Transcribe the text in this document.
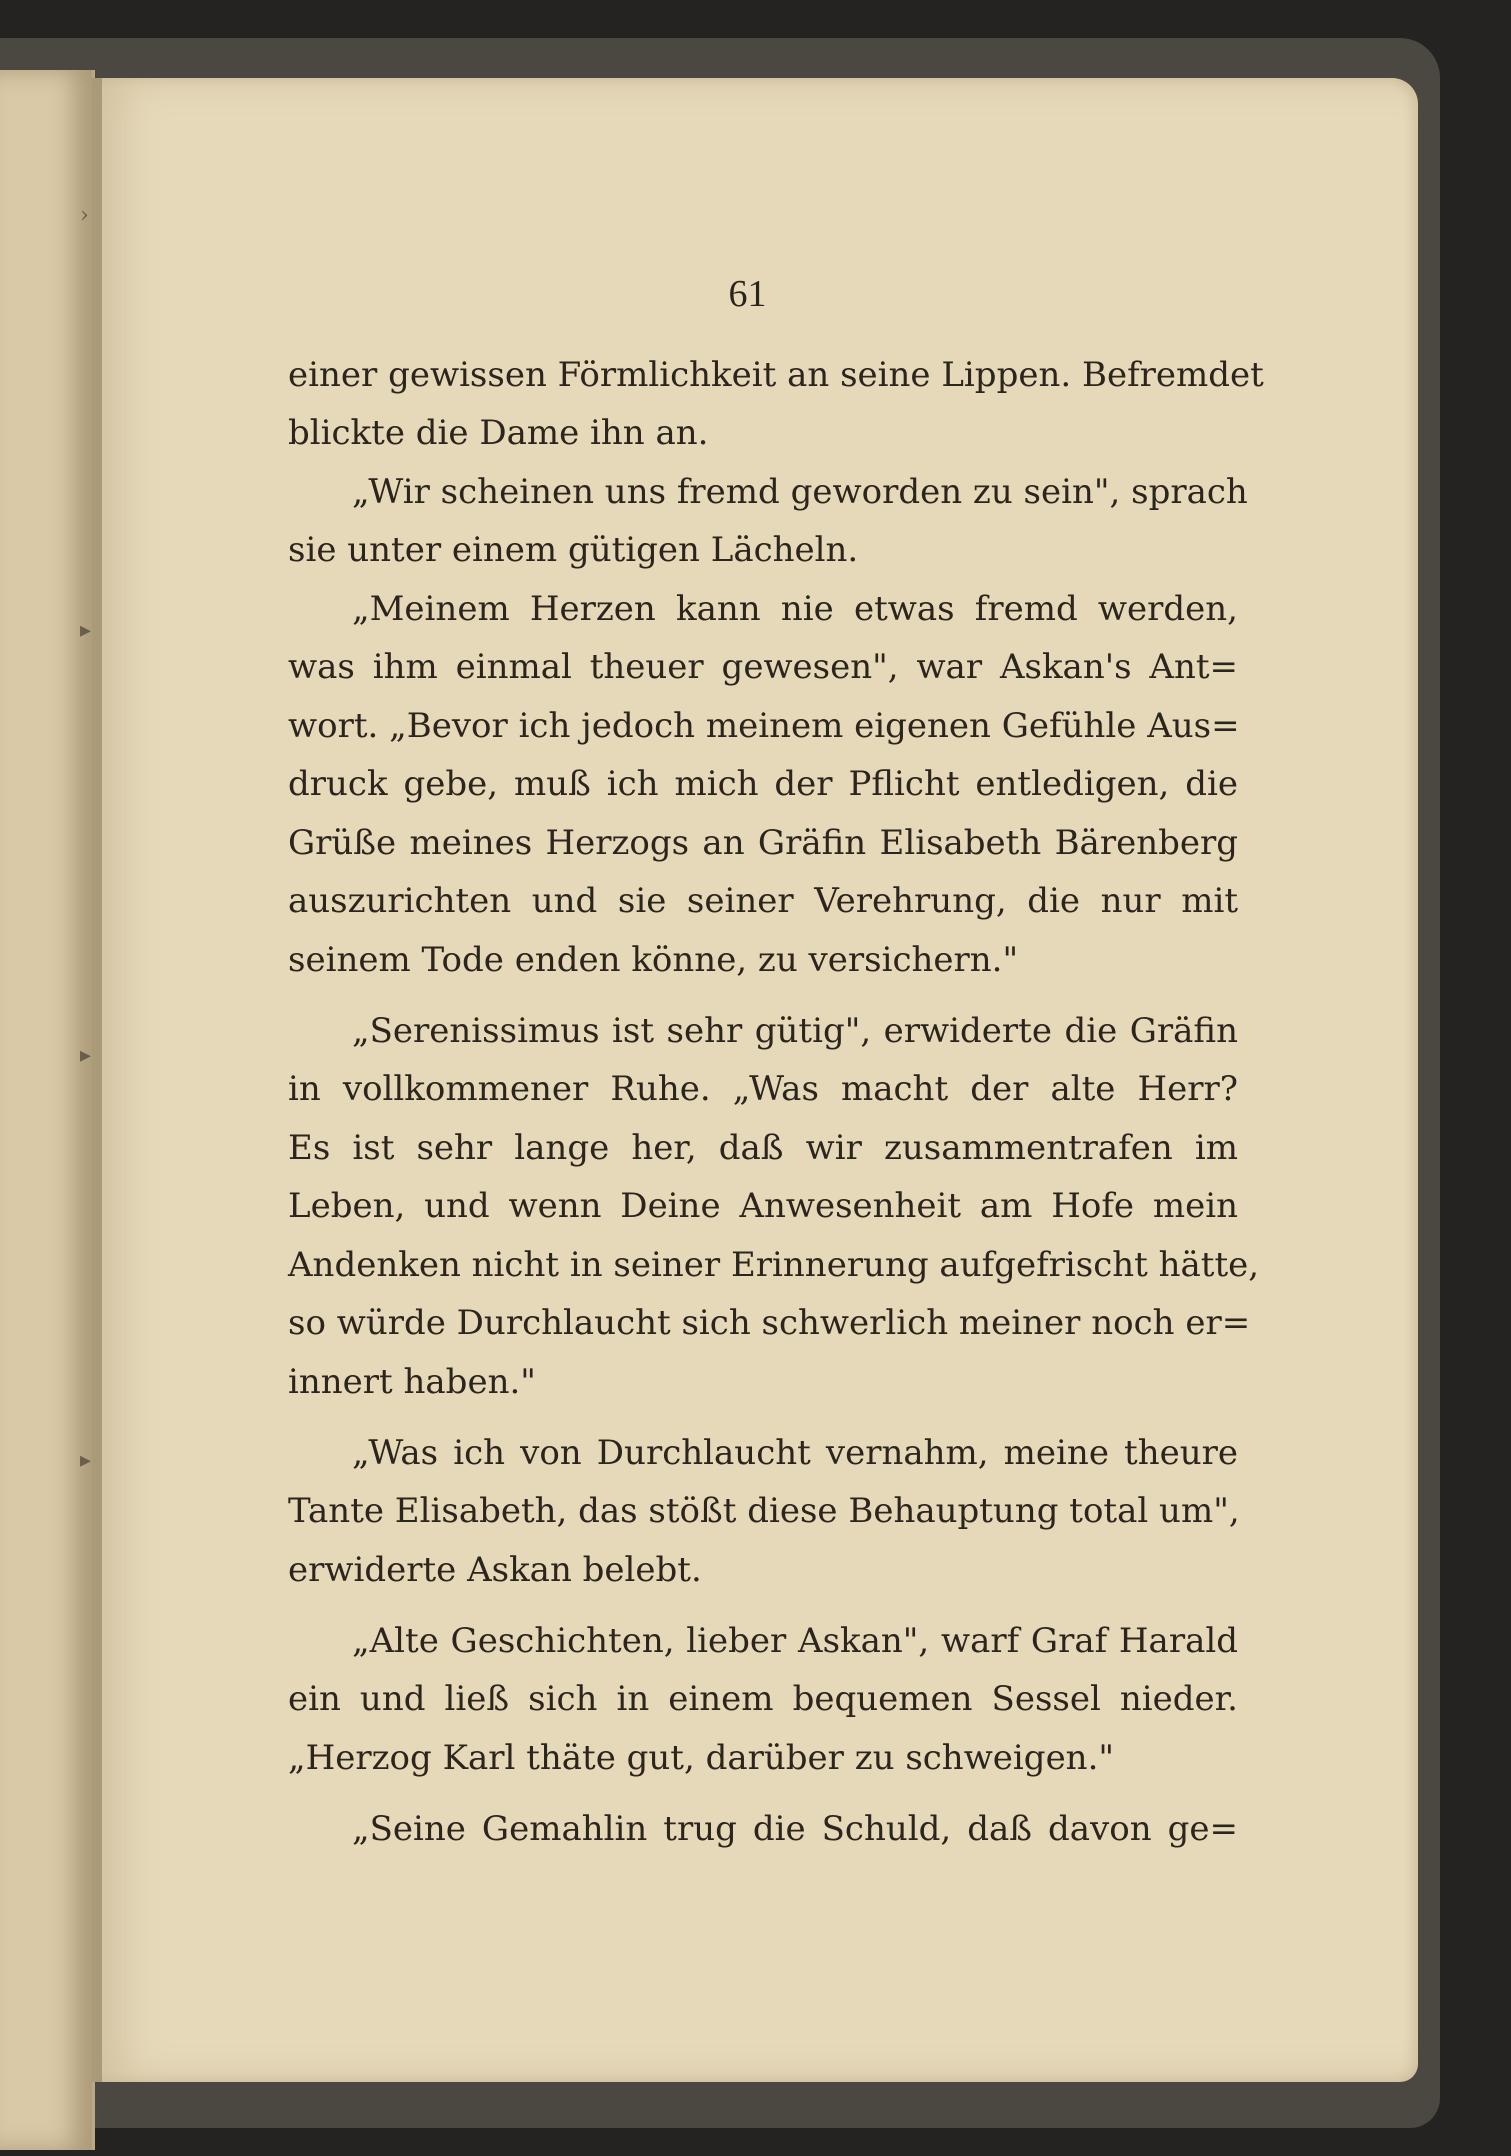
›
▸
▸
▸
61
einer gewissen Förmlichkeit an seine Lippen. Befremdet
blickte die Dame ihn an.
„Wir scheinen uns fremd geworden zu sein", sprach
sie unter einem gütigen Lächeln.
„Meinem Herzen kann nie etwas fremd werden,
was ihm einmal theuer gewesen", war Askan's Ant=
wort. „Bevor ich jedoch meinem eigenen Gefühle Aus=
druck gebe, muß ich mich der Pflicht entledigen, die
Grüße meines Herzogs an Gräfin Elisabeth Bärenberg
auszurichten und sie seiner Verehrung, die nur mit
seinem Tode enden könne, zu versichern."
„Serenissimus ist sehr gütig", erwiderte die Gräfin
in vollkommener Ruhe. „Was macht der alte Herr?
Es ist sehr lange her, daß wir zusammentrafen im
Leben, und wenn Deine Anwesenheit am Hofe mein
Andenken nicht in seiner Erinnerung aufgefrischt hätte,
so würde Durchlaucht sich schwerlich meiner noch er=
innert haben."
„Was ich von Durchlaucht vernahm, meine theure
Tante Elisabeth, das stößt diese Behauptung total um",
erwiderte Askan belebt.
„Alte Geschichten, lieber Askan", warf Graf Harald
ein und ließ sich in einem bequemen Sessel nieder.
„Herzog Karl thäte gut, darüber zu schweigen."
„Seine Gemahlin trug die Schuld, daß davon ge=
